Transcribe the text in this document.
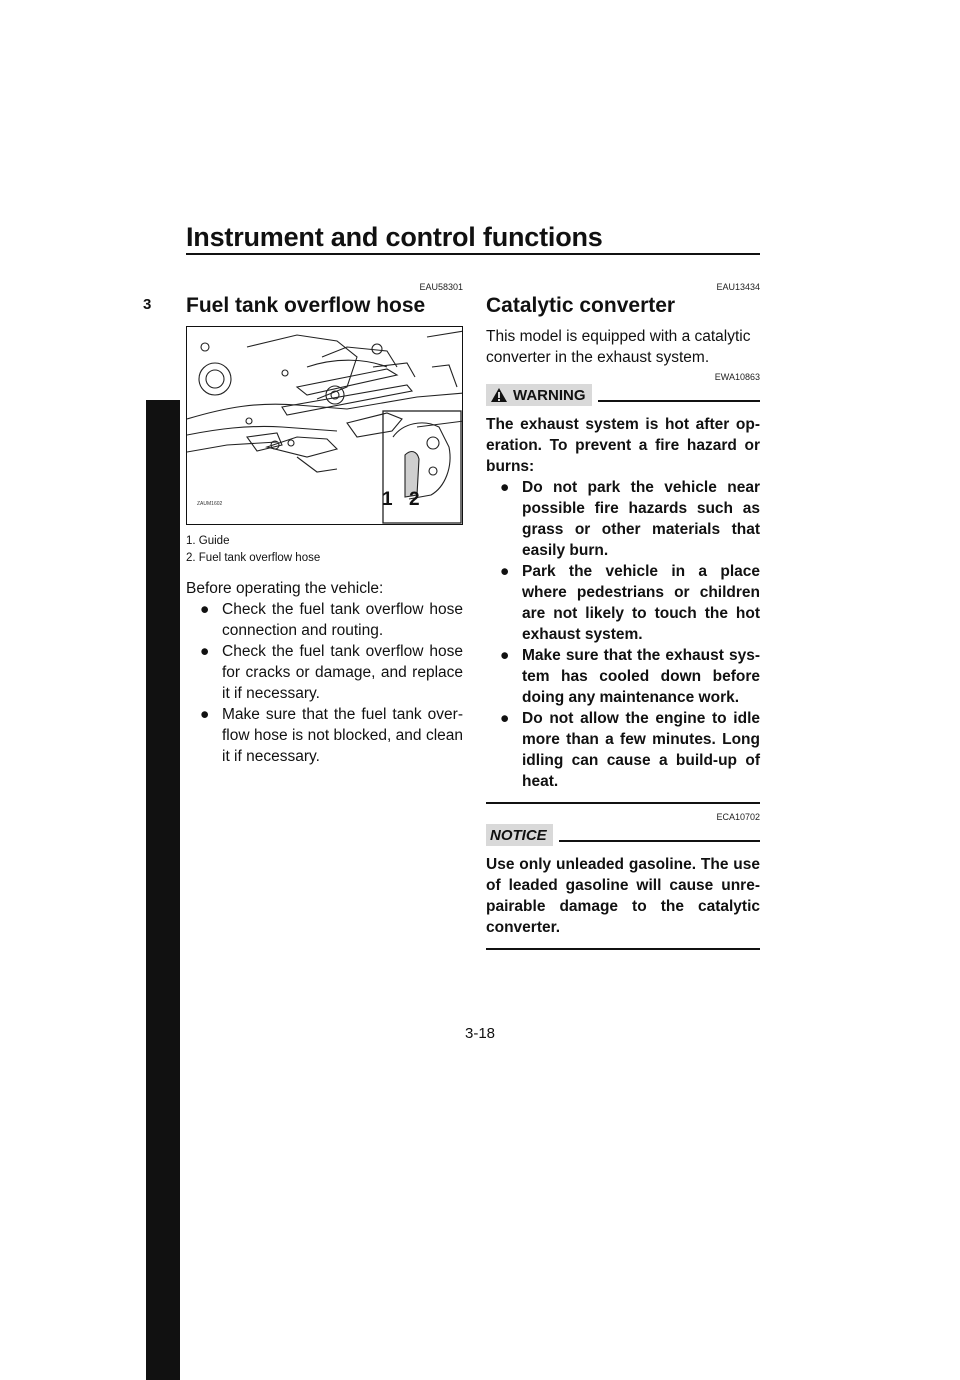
Instrument and control functions
3
EAU58301
Fuel tank overflow hose
ZAUM1602	1 2
1. Guide
2. Fuel tank overflow hose
Before operating the vehicle:
● Check the fuel tank overflow hose connection and routing.
● Check the fuel tank overflow hose for cracks or damage, and replace it if necessary.
● Make sure that the fuel tank over-flow hose is not blocked, and clean it if necessary.
EAU13434
Catalytic converter
This model is equipped with a catalytic converter in the exhaust system.
EWA10863
WARNING
The exhaust system is hot after op-eration. To prevent a fire hazard or burns:
● Do not park the vehicle near possible fire hazards such as grass or other materials that easily burn.
● Park the vehicle in a place where pedestrians or children are not likely to touch the hot exhaust system.
● Make sure that the exhaust sys-tem has cooled down before doing any maintenance work.
● Do not allow the engine to idle more than a few minutes. Long idling can cause a build-up of heat.
ECA10702
NOTICE
Use only unleaded gasoline. The use of leaded gasoline will cause unre-pairable damage to the catalytic converter.
3-18
